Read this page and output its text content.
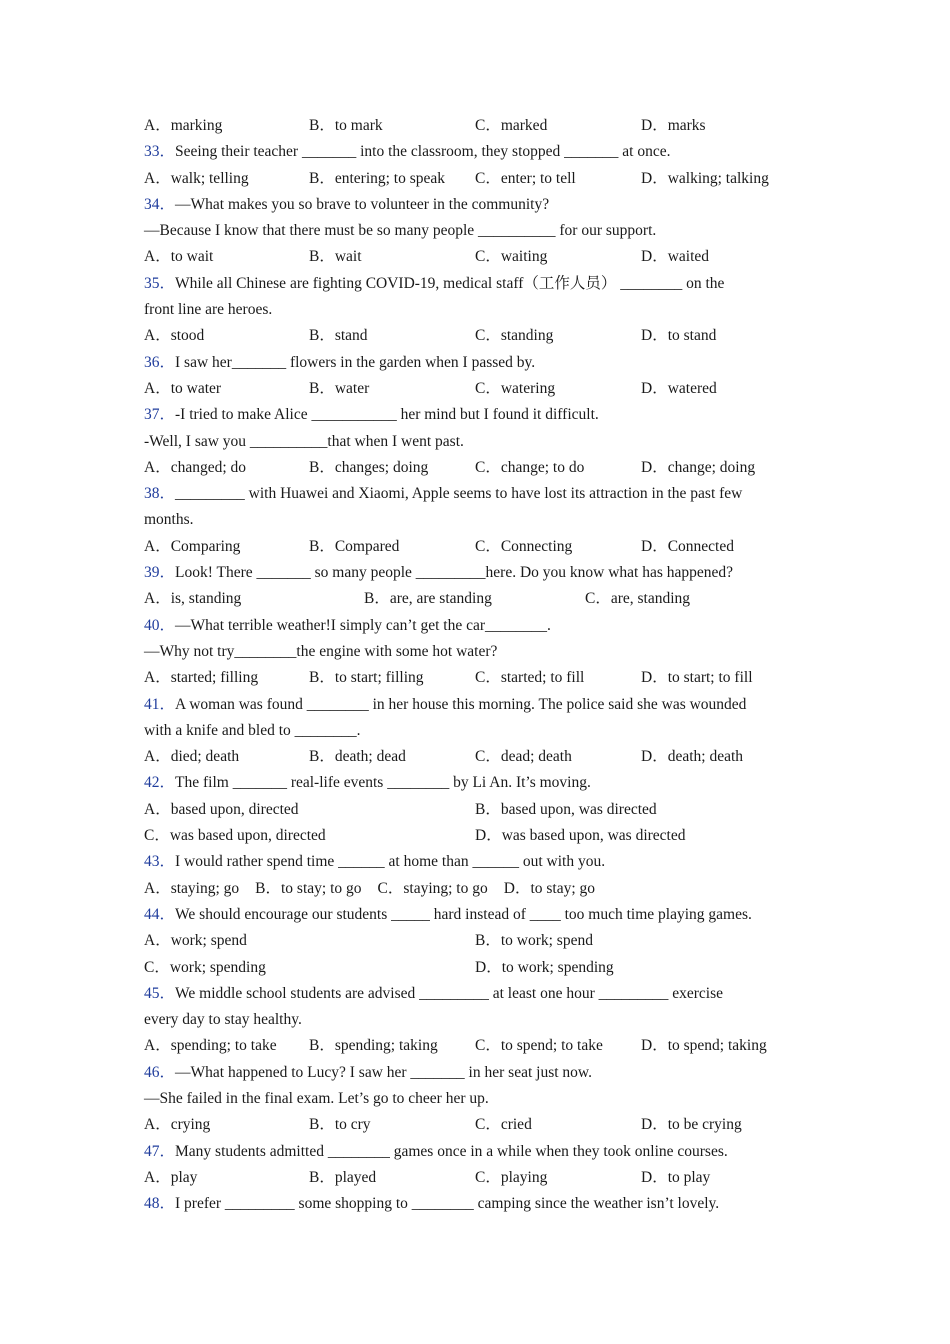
A．marking	B．to mark	C．marked	D．marks
33．Seeing their teacher _______ into the classroom, they stopped _______ at once.
A．walk; telling	B．entering; to speak C．enter; to tell	D．walking; talking
34．—What makes you so brave to volunteer in the community?
—Because I know that there must be so many people __________ for our support.
A．to wait	B．wait	C．waiting	D．waited
35．While all Chinese are fighting COVID-19, medical staff（工作人员） ________ on the
front line are heroes.
A．stood	B．stand	C．standing	D．to stand
36．I saw her_______ flowers in the garden when I passed by.
A．to water	B．water	C．watering	D．watered
37．-I tried to make Alice ___________ her mind but I found it difficult.
-Well, I saw you __________that when I went past.
A．changed; do	B．changes; doing	C．change; to do	D．change; doing
38．_________ with Huawei and Xiaomi, Apple seems to have lost its attraction in the past few
months.
A．Comparing	B．Compared	C．Connecting	D．Connected
39．Look! There _______ so many people _________here. Do you know what has happened?
A．is, standing	B．are, are standing	C．are, standing
40．—What terrible weather!I simply can’t get the car________.
—Why not try________the engine with some hot water?
A．started; filling	B．to start; filling	C．started; to fill	D．to start; to fill
41．A woman was found ________ in her house this morning. The police said she was wounded
with a knife and bled to ________.
A．died; death	B．death; dead	C．dead; death	D．death; death
42．The film _______ real-life events ________ by Li An. It’s moving.
A．based upon, directed	B．based upon, was directed
C．was based upon, directed	D．was based upon, was directed
43．I would rather spend time ______ at home than ______ out with you.
A．staying; go B．to stay; to go C．staying; to go D．to stay; go
44．We should encourage our students _____ hard instead of ____ too much time playing games.
A．work; spend	B．to work; spend
C．work; spending	D．to work; spending
45．We middle school students are advised _________ at least one hour _________ exercise
every day to stay healthy.
A．spending; to take B．spending; taking C．to spend; to take D．to spend; taking
46．—What happened to Lucy? I saw her _______ in her seat just now.
—She failed in the final exam. Let’s go to cheer her up.
A．crying	B．to cry	C．cried	D．to be crying
47．Many students admitted ________ games once in a while when they took online courses.
A．play	B．played	C．playing	D．to play
48．I prefer _________ some shopping to ________ camping since the weather isn’t lovely.
